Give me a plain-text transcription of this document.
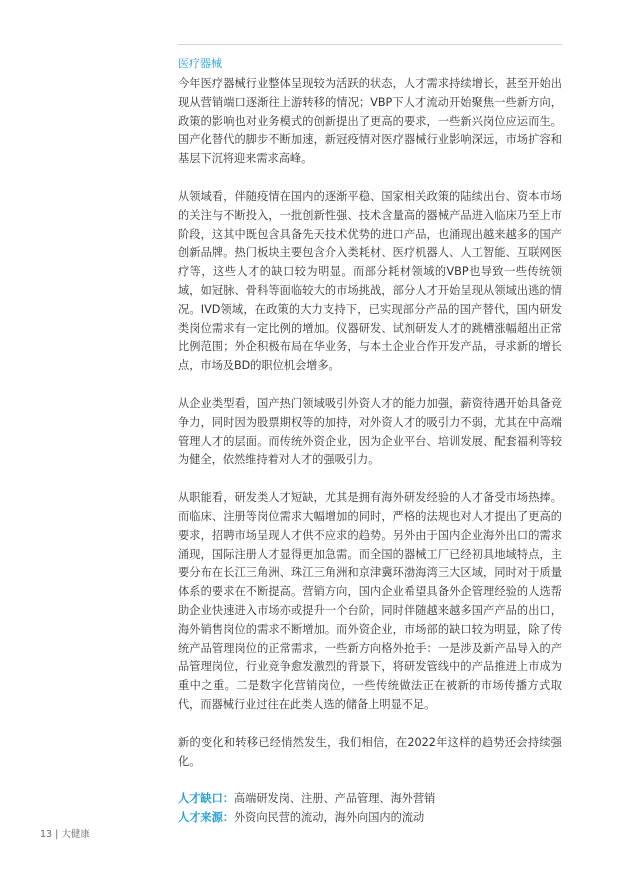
医疗器械

今年医疗器械行业整体呈现较为活跃的状态，人才需求持续增长，甚至开始出现从营销端口逐渐往上游转移的情况；VBP下人才流动开始聚焦一些新方向，政策的影响也对业务模式的创新提出了更高的要求，一些新兴岗位应运而生。国产化替代的脚步不断加速，新冠疫情对医疗器械行业影响深远，市场扩容和基层下沉将迎来需求高峰。

从领域看，伴随疫情在国内的逐渐平稳、国家相关政策的陆续出台、资本市场的关注与不断投入，一批创新性强、技术含量高的器械产品进入临床乃至上市阶段，这其中既包含具备先天技术优势的进口产品，也涌现出越来越多的国产创新品牌。热门板块主要包含介入类耗材、医疗机器人、人工智能、互联网医疗等，这些人才的缺口较为明显。而部分耗材领域的VBP也导致一些传统领域，如冠脉、骨科等面临较大的市场挑战，部分人才开始呈现从领域出逃的情况。IVD领域，在政策的大力支持下，已实现部分产品的国产替代，国内研发类岗位需求有一定比例的增加。仪器研发、试剂研发人才的跳槽涨幅超出正常比例范围；外企积极布局在华业务，与本土企业合作开发产品，寻求新的增长点，市场及BD的职位机会增多。

从企业类型看，国产热门领域吸引外资人才的能力加强，薪资待遇开始具备竞争力，同时因为股票期权等的加持，对外资人才的吸引力不弱，尤其在中高端管理人才的层面。而传统外资企业，因为企业平台、培训发展、配套福利等较为健全，依然维持着对人才的强吸引力。

从职能看，研发类人才短缺，尤其是拥有海外研发经验的人才备受市场热捧。而临床、注册等岗位需求大幅增加的同时，严格的法规也对人才提出了更高的要求，招聘市场呈现人才供不应求的趋势。另外由于国内企业海外出口的需求涌现，国际注册人才显得更加急需。而全国的器械工厂已经初具地域特点，主要分布在长江三角洲、珠江三角洲和京津冀环渤海湾三大区域，同时对于质量体系的要求在不断提高。营销方向，国内企业希望具备外企管理经验的人选帮助企业快速进入市场亦或提升一个台阶，同时伴随越来越多国产产品的出口，海外销售岗位的需求不断增加。而外资企业，市场部的缺口较为明显，除了传统产品管理岗位的正常需求，一些新方向格外抢手：一是涉及新产品导入的产品管理岗位，行业竞争愈发激烈的背景下，将研发管线中的产品推进上市成为重中之重。二是数字化营销岗位，一些传统做法正在被新的市场传播方式取代，而器械行业过往在此类人选的储备上明显不足。

新的变化和转移已经悄然发生，我们相信，在2022年这样的趋势还会持续强化。

人才缺口：高端研发岗、注册、产品管理、海外营销

人才来源：外资向民营的流动，海外向国内的流动

13 | 大健康
